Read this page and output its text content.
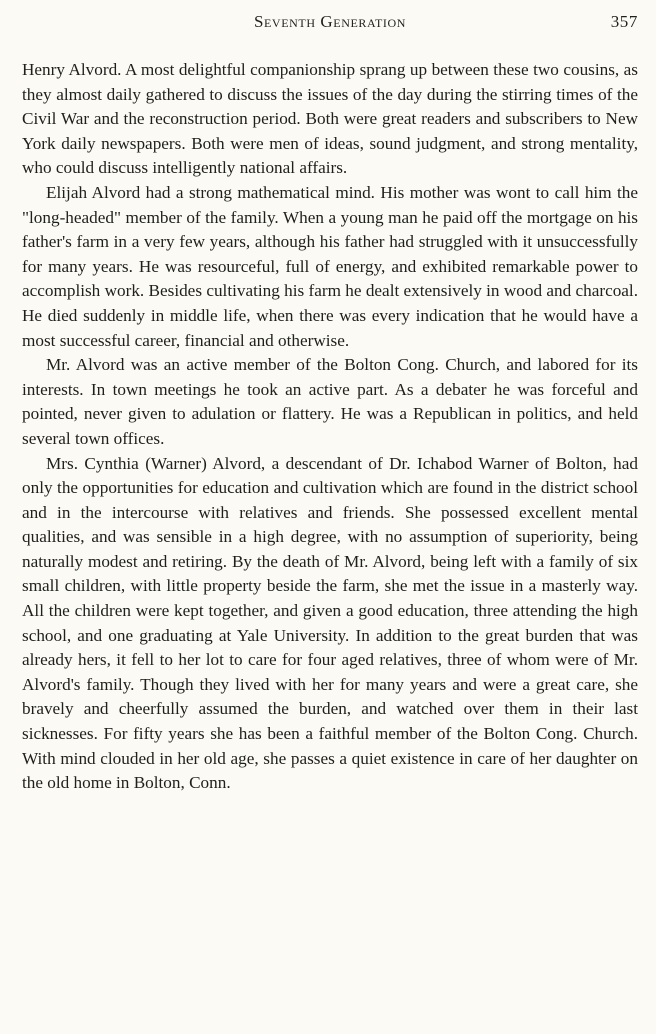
Seventh Generation	357

Henry Alvord. A most delightful companionship sprang up between these two cousins, as they almost daily gathered to discuss the issues of the day during the stirring times of the Civil War and the reconstruction period. Both were great readers and subscribers to New York daily newspapers. Both were men of ideas, sound judgment, and strong mentality, who could discuss intelligently national affairs.

Elijah Alvord had a strong mathematical mind. His mother was wont to call him the "long-headed" member of the family. When a young man he paid off the mortgage on his father's farm in a very few years, although his father had struggled with it unsuccessfully for many years. He was resourceful, full of energy, and exhibited remarkable power to accomplish work. Besides cultivating his farm he dealt extensively in wood and charcoal. He died suddenly in middle life, when there was every indication that he would have a most successful career, financial and otherwise.

Mr. Alvord was an active member of the Bolton Cong. Church, and labored for its interests. In town meetings he took an active part. As a debater he was forceful and pointed, never given to adulation or flattery. He was a Republican in politics, and held several town offices.

Mrs. Cynthia (Warner) Alvord, a descendant of Dr. Ichabod Warner of Bolton, had only the opportunities for education and cultivation which are found in the district school and in the intercourse with relatives and friends. She possessed excellent mental qualities, and was sensible in a high degree, with no assumption of superiority, being naturally modest and retiring. By the death of Mr. Alvord, being left with a family of six small children, with little property beside the farm, she met the issue in a masterly way. All the children were kept together, and given a good education, three attending the high school, and one graduating at Yale University. In addition to the great burden that was already hers, it fell to her lot to care for four aged relatives, three of whom were of Mr. Alvord's family. Though they lived with her for many years and were a great care, she bravely and cheerfully assumed the burden, and watched over them in their last sicknesses. For fifty years she has been a faithful member of the Bolton Cong. Church. With mind clouded in her old age, she passes a quiet existence in care of her daughter on the old home in Bolton, Conn.
